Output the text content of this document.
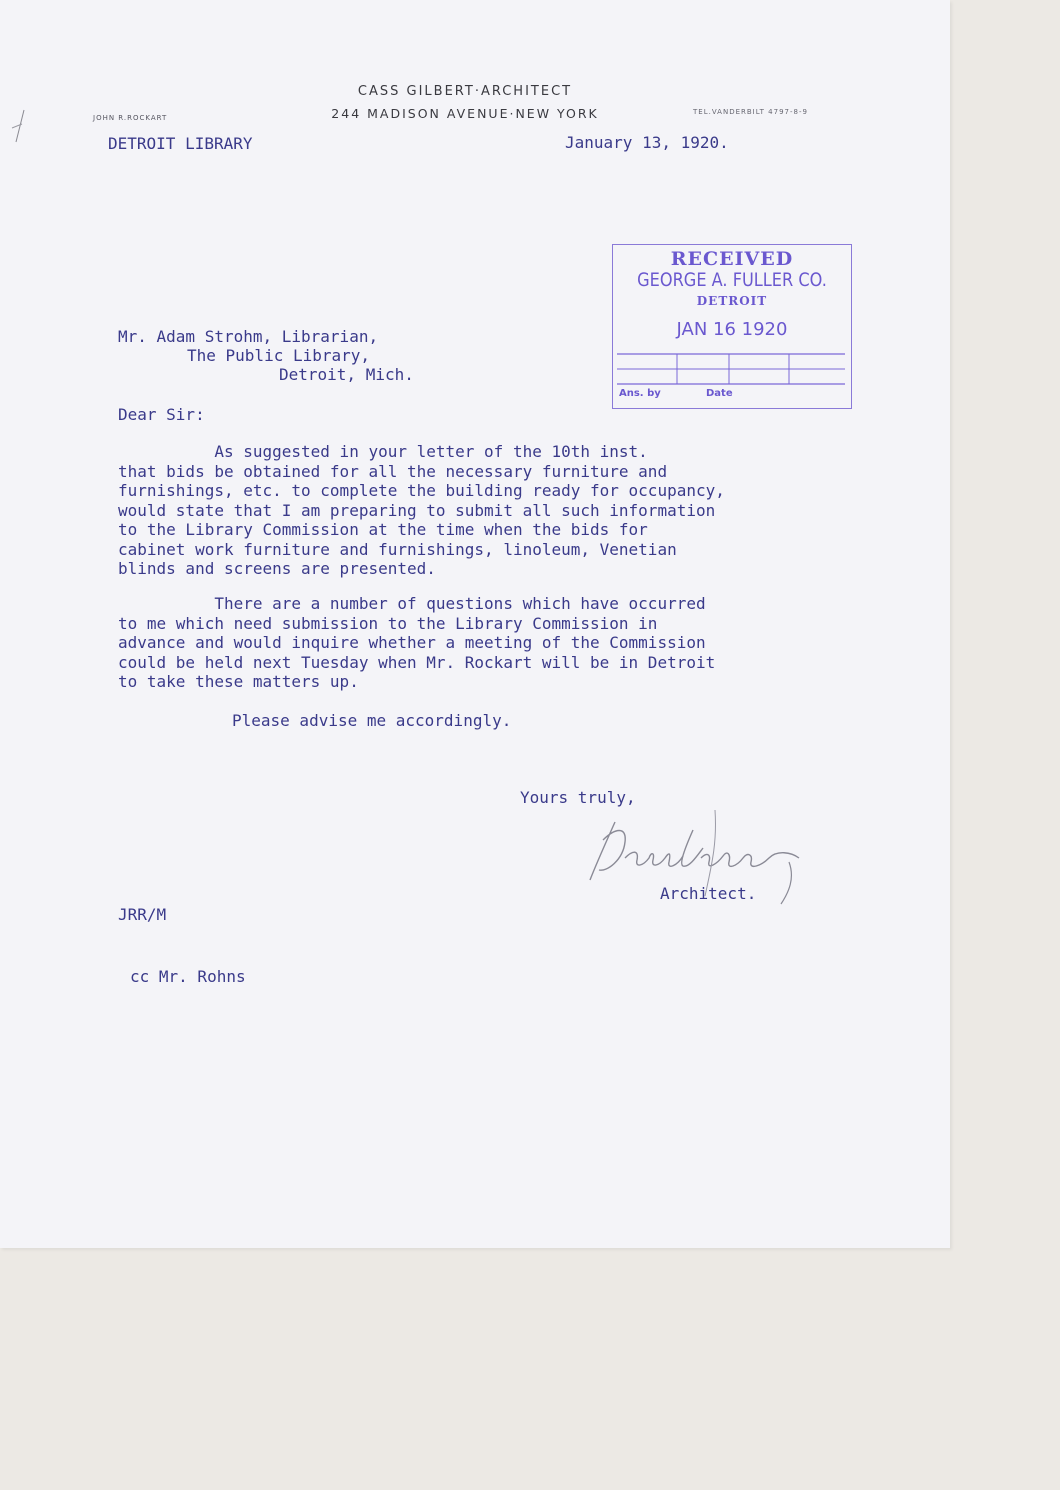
CASS GILBERT·ARCHITECT
244 MADISON AVENUE·NEW YORK
JOHN R.ROCKART
TEL.VANDERBILT 4797-8-9
DETROIT LIBRARY	January 13, 1920.
RECEIVED
GEORGE A. FULLER CO.
DETROIT
JAN 16 1920
Ans. by	Date
Mr. Adam Strohm, Librarian,
The Public Library,
Detroit, Mich.
Dear Sir:
As suggested in your letter of the 10th inst.
that bids be obtained for all the necessary furniture and
furnishings, etc. to complete the building ready for occupancy,
would state that I am preparing to submit all such information
to the Library Commission at the time when the bids for
cabinet work furniture and furnishings, linoleum, Venetian
blinds and screens are presented.
There are a number of questions which have occurred
to me which need submission to the Library Commission in
advance and would inquire whether a meeting of the Commission
could be held next Tuesday when Mr. Rockart will be in Detroit
to take these matters up.
Please advise me accordingly.
Yours truly,
Architect.
JRR/M
cc Mr. Rohns
